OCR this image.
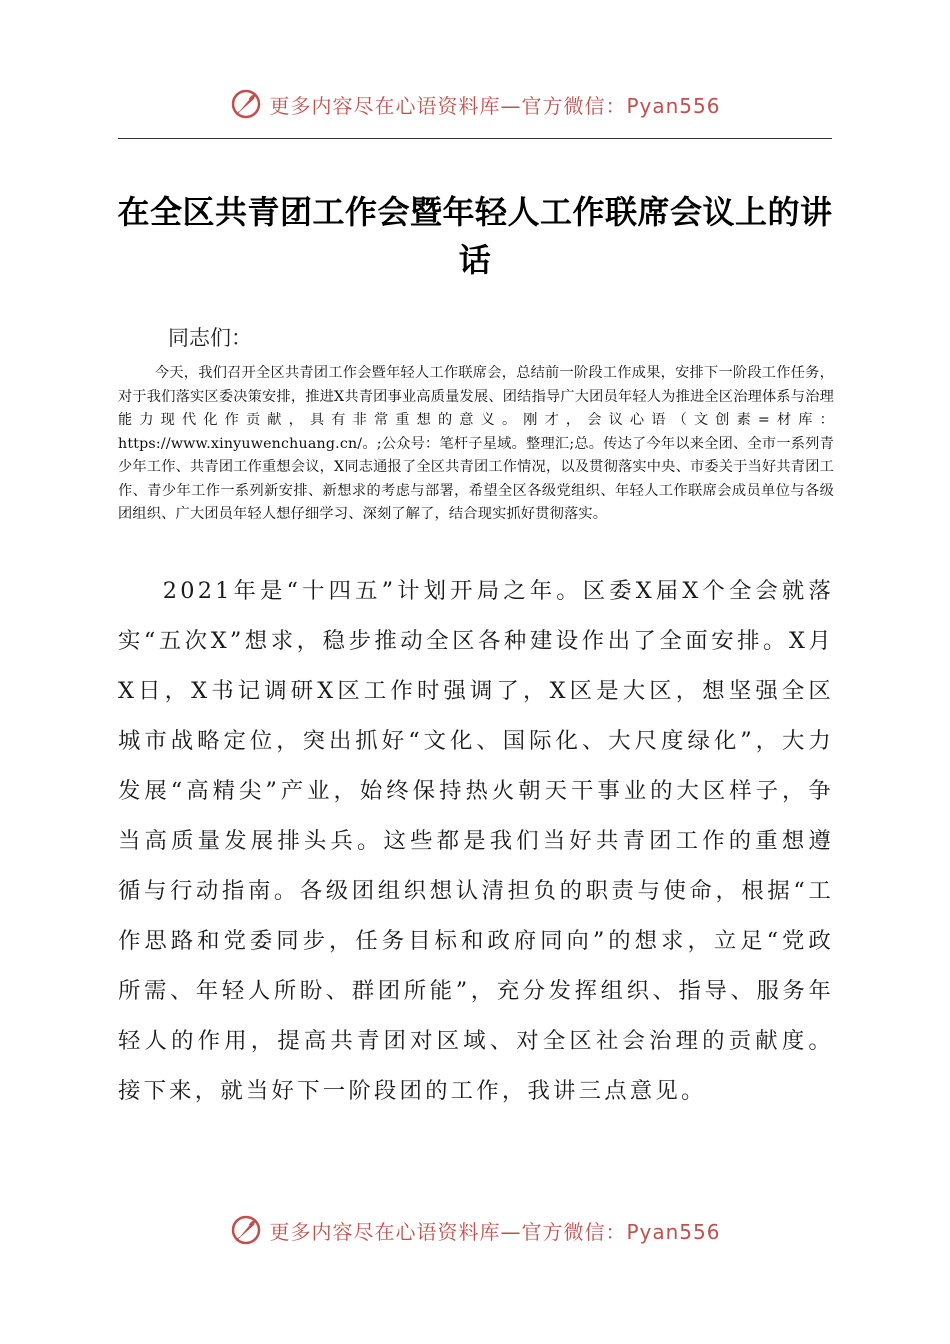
更多内容尽在心语资料库—官方微信：Pyan556
在全区共青团工作会暨年轻人工作联席会议上的讲话
同志们：

今天，我们召开全区共青团工作会暨年轻人工作联席会，总结前一阶段工作成果，安排下一阶段工作任务，对于我们落实区委决策安排，推进X共青团事业高质量发展、团结指导广大团员年轻人为推进全区治理体系与治理能力现代化作贡献，具有非常重想的意义。刚才，会议心语（文创素=材库：https://www.xinyuwenchuang.cn/。;公众号：笔杆子星域。整理汇;总。传达了今年以来全团、全市一系列青少年工作、共青团工作重想会议，X同志通报了全区共青团工作情况，以及贯彻落实中央、市委关于当好共青团工作、青少年工作一系列新安排、新想求的考虑与部署，希望全区各级党组织、年轻人工作联席会成员单位与各级团组织、广大团员年轻人想仔细学习、深刻了解了，结合现实抓好贯彻落实。

2021年是“十四五”计划开局之年。区委X届X个全会就落实“五次X”想求，稳步推动全区各种建设作出了全面安排。X月X日，X书记调研X区工作时强调了，X区是大区，想坚强全区城市战略定位，突出抓好“文化、国际化、大尺度绿化”，大力发展“高精尖”产业，始终保持热火朝天干事业的大区样子，争当高质量发展排头兵。这些都是我们当好共青团工作的重想遵循与行动指南。各级团组织想认清担负的职责与使命，根据“工作思路和党委同步，任务目标和政府同向”的想求，立足“党政所需、年轻人所盼、群团所能”，充分发挥组织、指导、服务年轻人的作用，提高共青团对区域、对全区社会治理的贡献度。接下来，就当好下一阶段团的工作，我讲三点意见。

更多内容尽在心语资料库—官方微信：Pyan556
